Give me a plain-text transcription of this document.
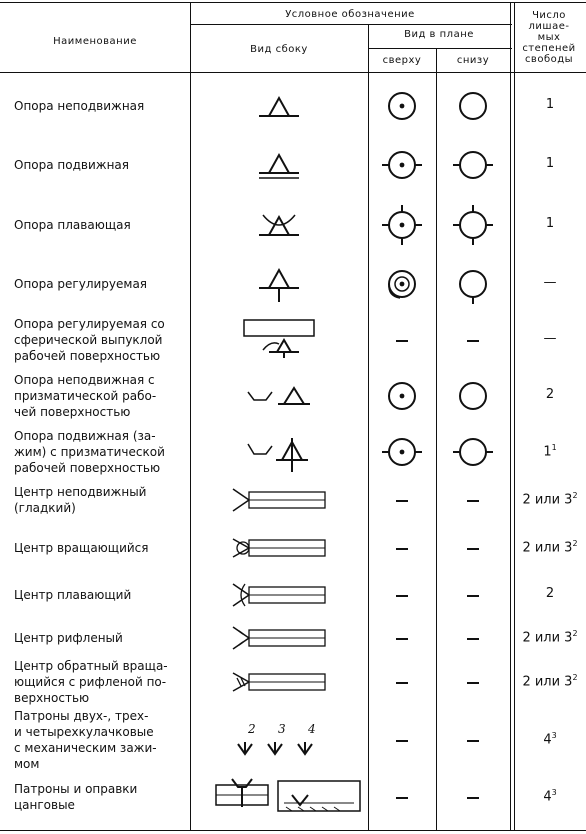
Наименование
Условное обозначение
Вид сбоку
Вид в плане
сверху	снизу
Число
лишае-
мых
степеней
свободы
Опора неподвижная	1
Опора подвижная	1
Опора плавающая	1
Опора регулируемая	—
Опора регулируемая со
сферической выпуклой
рабочей поверхностью
—
Опора неподвижная с
призматической рабо-
чей поверхностью
2
Опора подвижная (за-
жим) с призматической
рабочей поверхностью
$1^1$
Центр неподвижный
(гладкий)
2 или $3^2$
Центр вращающийся	2 или $3^2$
Центр плавающий	2
Центр рифленый	2 или $3^2$
Центр обратный враща-
ющийся с рифленой по-
верхностью
2 или $3^2$
Патроны двух-, трех-
и четырехкулачковые
с механическим зажи-
мом
$4^3$
Патроны и оправки
цанговые
$4^3$
2 3 4
